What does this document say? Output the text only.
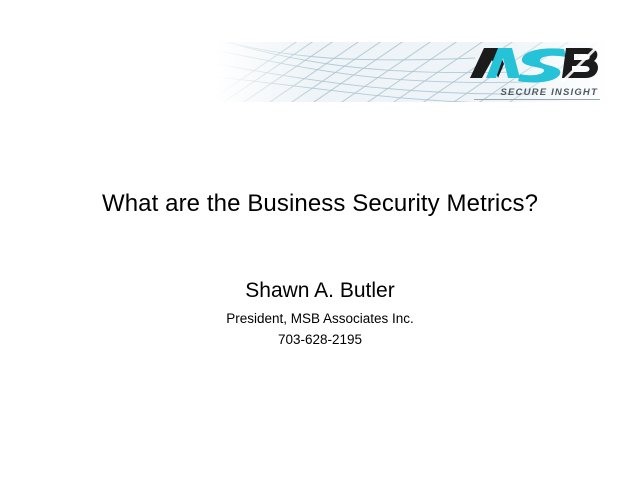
SECURE INSIGHT
What are the Business Security Metrics?
Shawn A. Butler
President, MSB Associates Inc.
703-628-2195
